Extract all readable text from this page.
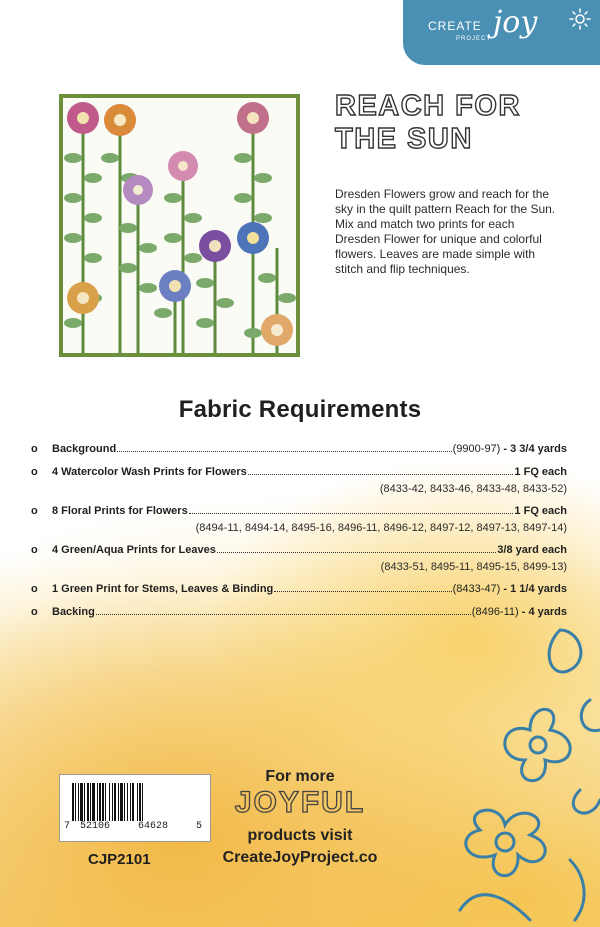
CREATE
PROJECT joy
REACH FOR
THE SUN

Dresden Flowers grow and reach for the sky in the quilt pattern Reach for the Sun. Mix and match two prints for each Dresden Flower for unique and colorful flowers. Leaves are made simple with stitch and flip techniques.

Fabric Requirements
o	Background	(9900-97) - 3 3/4 yards
o	4 Watercolor Wash Prints for Flowers	1 FQ each
(8433-42, 8433-46, 8433-48, 8433-52)
o	8 Floral Prints for Flowers	1 FQ each
(8494-11, 8494-14, 8495-16, 8496-11, 8496-12, 8497-12, 8497-13, 8497-14)
o	4 Green/Aqua Prints for Leaves	3/8 yard each
(8433-51, 8495-11, 8495-15, 8499-13)
o	1 Green Print for Stems, Leaves & Binding	(8433-47) - 1 1/4 yards
o	Backing	(8496-11) - 4 yards
7 52106	64628	5

CJP2101

For more
JOYFUL
products visit
CreateJoyProject.co
